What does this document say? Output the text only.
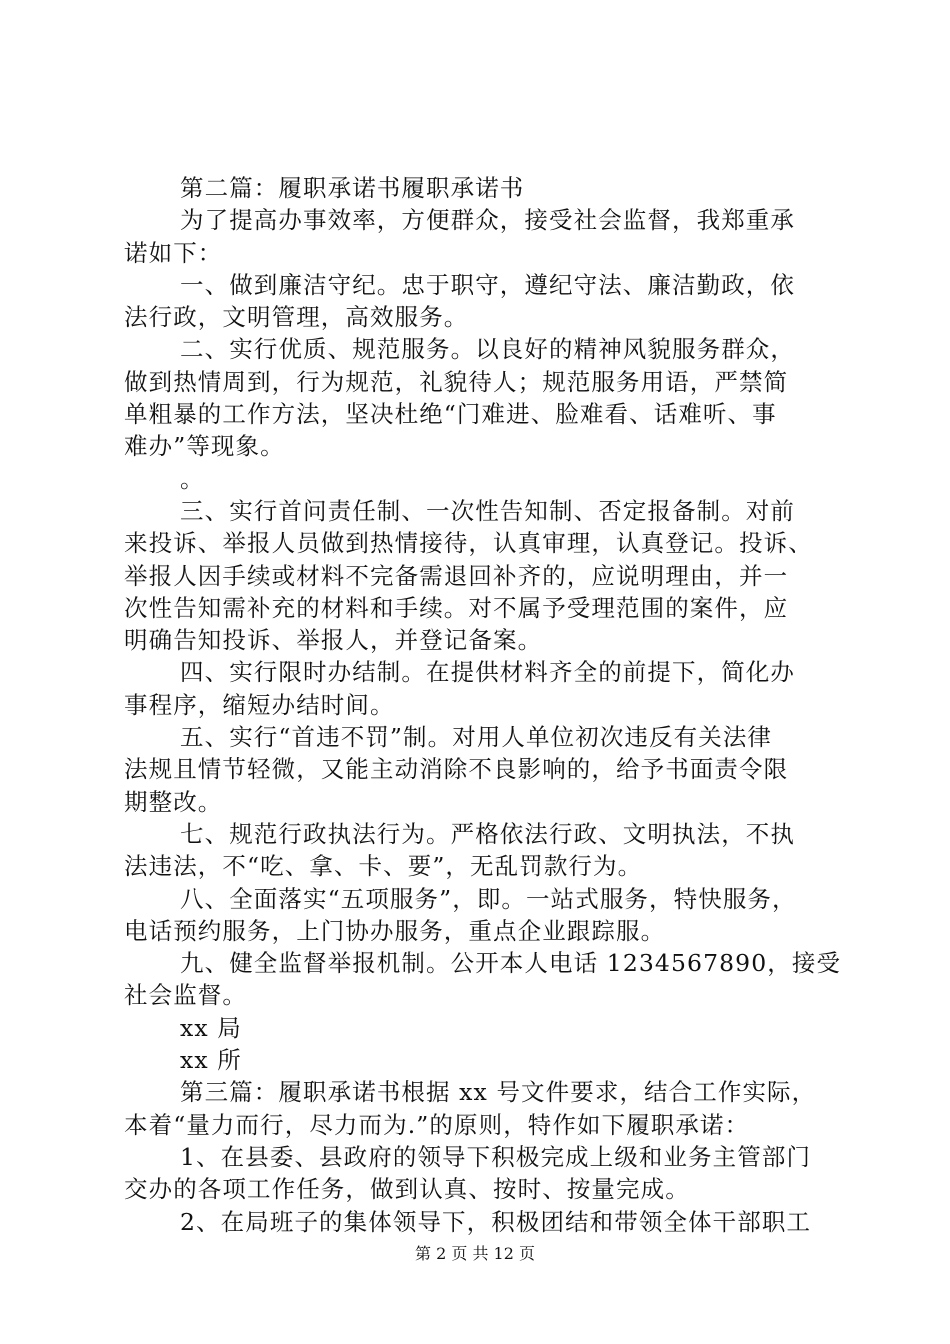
第二篇：履职承诺书履职承诺书
为了提高办事效率，方便群众，接受社会监督，我郑重承
诺如下：
一、做到廉洁守纪。忠于职守，遵纪守法、廉洁勤政，依
法行政，文明管理，高效服务。
二、实行优质、规范服务。以良好的精神风貌服务群众，
做到热情周到，行为规范，礼貌待人；规范服务用语，严禁简
单粗暴的工作方法，坚决杜绝“门难进、脸难看、话难听、事
难办”等现象。
。
三、实行首问责任制、一次性告知制、否定报备制。对前
来投诉、举报人员做到热情接待，认真审理，认真登记。投诉、
举报人因手续或材料不完备需退回补齐的，应说明理由，并一
次性告知需补充的材料和手续。对不属予受理范围的案件，应
明确告知投诉、举报人，并登记备案。
四、实行限时办结制。在提供材料齐全的前提下，简化办
事程序，缩短办结时间。
五、实行“首违不罚”制。对用人单位初次违反有关法律
法规且情节轻微，又能主动消除不良影响的，给予书面责令限
期整改。
七、规范行政执法行为。严格依法行政、文明执法，不执
法违法，不“吃、拿、卡、要”，无乱罚款行为。
八、全面落实“五项服务”，即。一站式服务，特快服务，
电话预约服务，上门协办服务，重点企业跟踪服。
九、健全监督举报机制。公开本人电话 1234567890，接受
社会监督。
xx 局
xx 所
第三篇：履职承诺书根据 xx 号文件要求，结合工作实际，
本着“量力而行，尽力而为.”的原则，特作如下履职承诺：
1、在县委、县政府的领导下积极完成上级和业务主管部门
交办的各项工作任务，做到认真、按时、按量完成。
2、在局班子的集体领导下，积极团结和带领全体干部职工
第 2 页 共 12 页
